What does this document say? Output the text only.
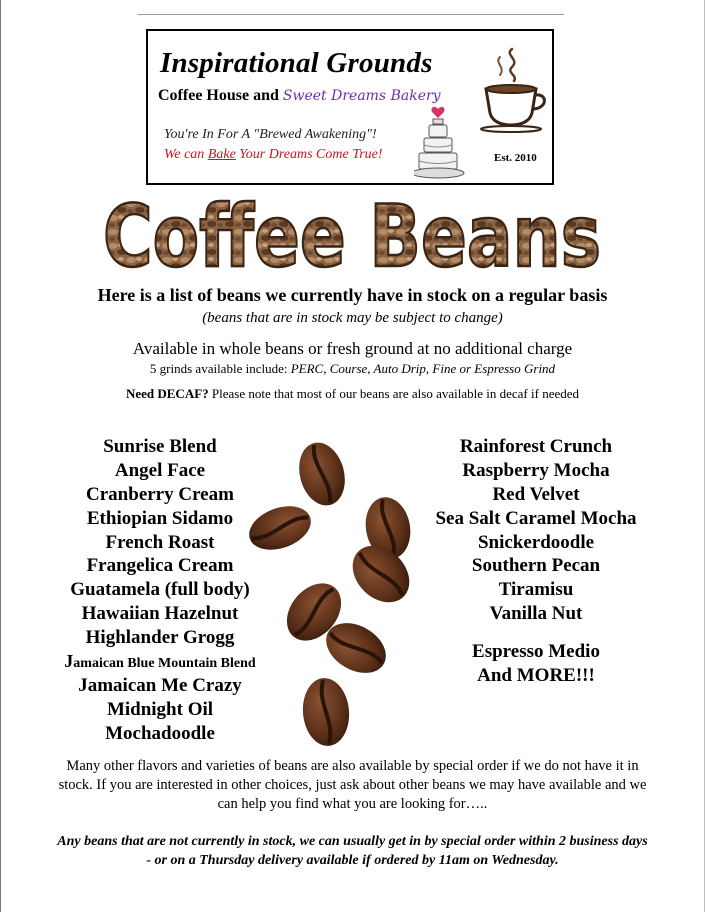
Inspirational Grounds
Coffee House and Sweet Dreams Bakery
You're In For A "Brewed Awakening"!
We can Bake Your Dreams Come True!	Est. 2010
Coffee Beans
Here is a list of beans we currently have in stock on a regular basis
(beans that are in stock may be subject to change)
Available in whole beans or fresh ground at no additional charge
5 grinds available include: PERC, Course, Auto Drip, Fine or Espresso Grind
Need DECAF? Please note that most of our beans are also available in decaf if needed
Sunrise Blend
Angel Face
Cranberry Cream
Ethiopian Sidamo
French Roast
Frangelica Cream
Guatamela (full body)
Hawaiian Hazelnut
Highlander Grogg
Jamaican Blue Mountain Blend
Jamaican Me Crazy
Midnight Oil
Mochadoodle
Rainforest Crunch
Raspberry Mocha
Red Velvet
Sea Salt Caramel Mocha
Snickerdoodle
Southern Pecan
Tiramisu
Vanilla Nut
Espresso Medio
And MORE!!!
Many other flavors and varieties of beans are also available by special order if we do not have it in stock. If you are interested in other choices, just ask about other beans we may have available and we can help you find what you are looking for…..
Any beans that are not currently in stock, we can usually get in by special order within 2 business days - or on a Thursday delivery available if ordered by 11am on Wednesday.
